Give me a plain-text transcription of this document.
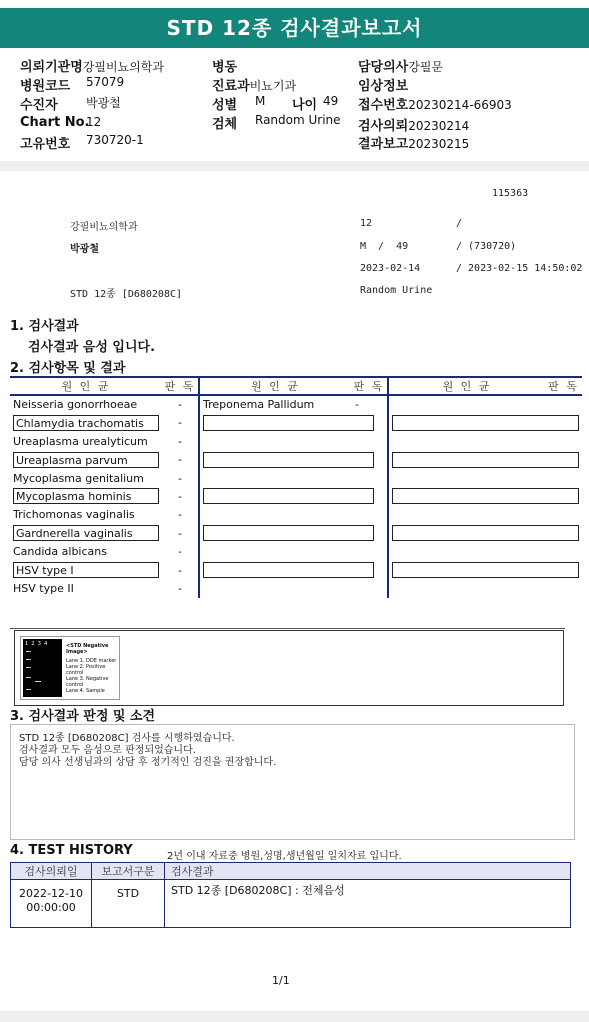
STD 12종 검사결과보고서
의뢰기관명강필비뇨의학과
병원코드 57079
수진자 박광철
Chart No.
12
고유번호 730720-1
병동
진료과비뇨기과
성별 M 나이 49
검체 Random Urine
담당의사강필문
임상정보
접수번호20230214-66903
검사의뢰20230214
결과보고20230215
115363
강필비뇨의학과	12	/
박광철	M  /  49	/ (730720)
2023-02-14	/ 2023-02-15 14:50:02
STD 12종 [D680208C]	Random Urine
1. 검사결과
검사결과 음성 입니다.
2. 검사항목 및 결과
원 인 균	판 독	원 인 균	판 독	원 인 균	판 독
Neisseria gonorrhoeae	-	Treponema Pallidum	-		

Chlamydia trachomatis	-			

Ureaplasma urealyticum	-				

Ureaplasma parvum	-			

Mycoplasma genitalium	-				

Mycoplasma hominis	-			

Trichomonas vaginalis	-				

Gardnerella vaginalis	-			

Candida albicans	-				

HSV type I	-			

HSV type II	-				
1  2  3  4	<STD Negative Image>
Lane 1. DDE marker
Lane 2. Positive control
Lane 3. Negative control
Lane 4. Sample
3. 검사결과 판정 및 소견
STD 12종 [D680208C] 검사를 시행하였습니다.
검사결과 모두 음성으로 판정되었습니다.
담당 의사 선생님과의 상담 후 정기적인 검진을 권장합니다.
4. TEST HISTORY	2년 이내 자료중 병원,성명,생년월일 일치자료 입니다.
검사의뢰일	보고서구분	검사결과

2022-12-10
00:00:00	STD	STD 12종 [D680208C] : 전체음성
1/1
